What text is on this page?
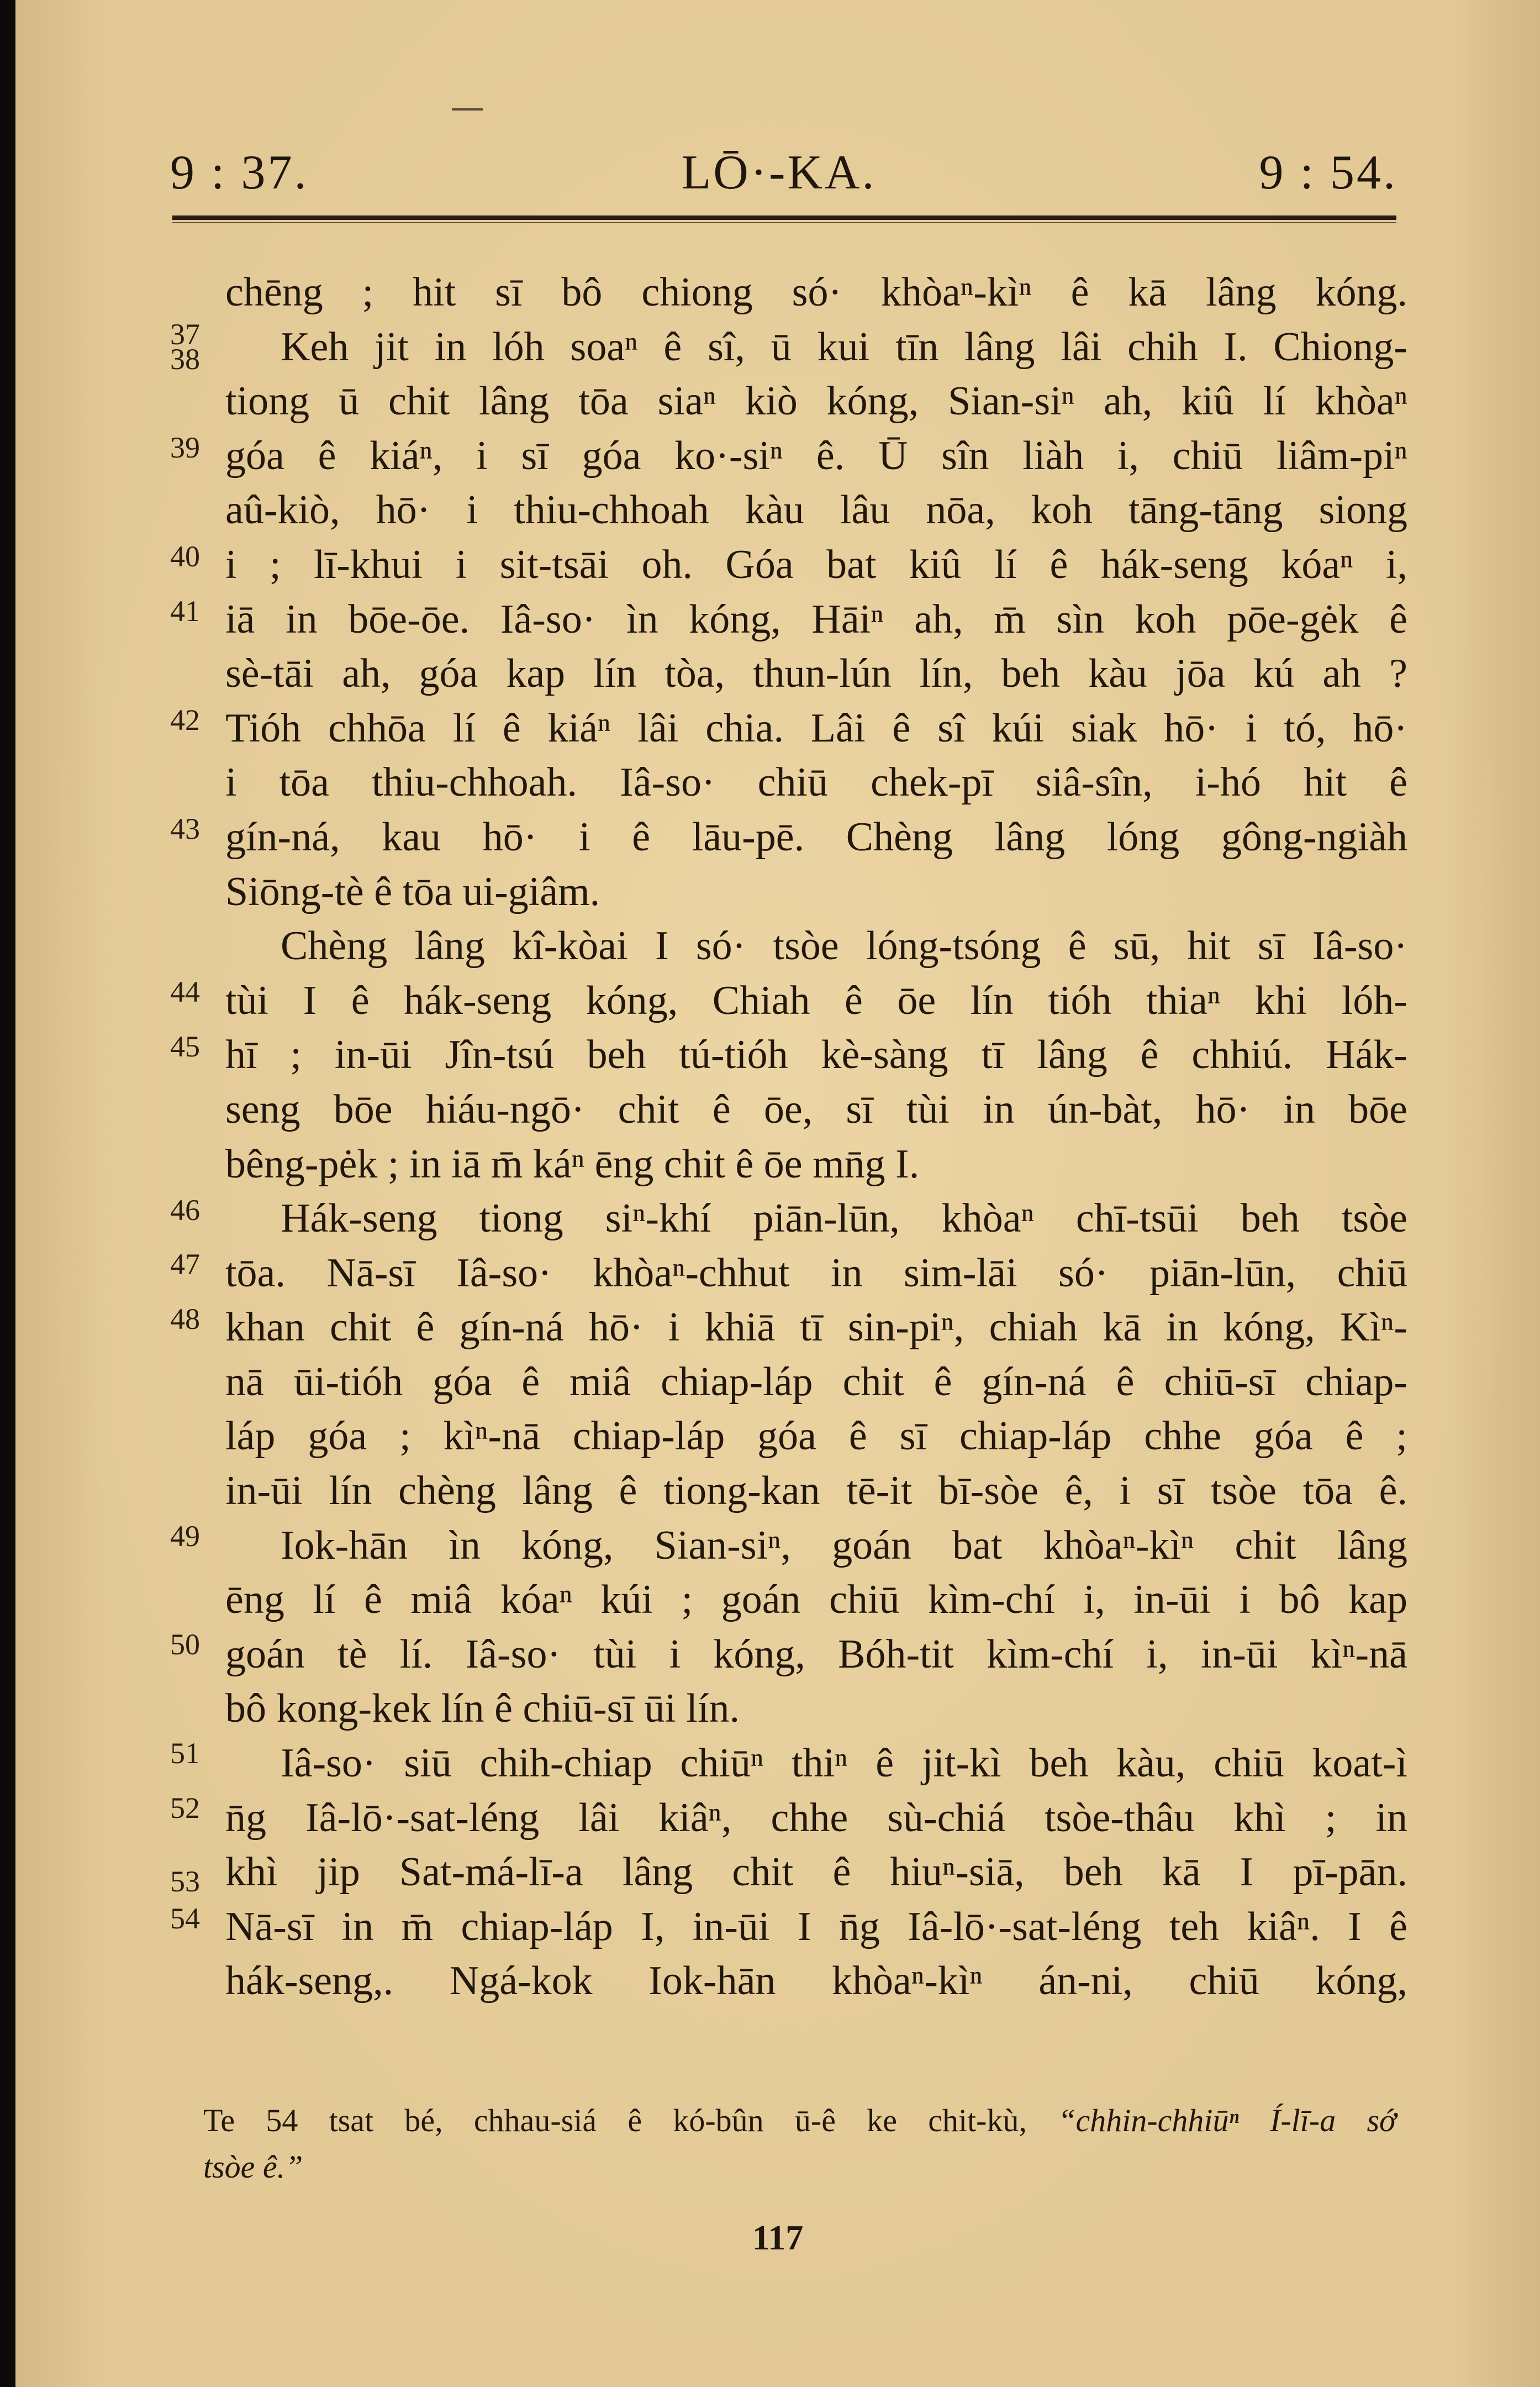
9 : 37.	LŌ·-KA.	9 : 54.
37
38
39
40
41
42
43
44
45
46
47
48
49
50
51
52
53
54
chēng ; hit sī bô chiong só· khòaⁿ-kìⁿ ê kā lâng kóng.
Keh jit in lóh soaⁿ ê sî, ū kui tīn lâng lâi chih I. Chiong-
tiong ū chit lâng tōa siaⁿ kiò kóng, Sian-siⁿ ah, kiû lí khòaⁿ
góa ê kiáⁿ, i sī góa ko·-siⁿ ê. Ū sîn liàh i, chiū liâm-piⁿ
aû-kiò, hō· i thiu-chhoah kàu lâu nōa, koh tāng-tāng siong
i ; lī-khui i sit-tsāi oh. Góa bat kiû lí ê hák-seng kóaⁿ i,
iā in bōe-ōe. Iâ-so· ìn kóng, Hāiⁿ ah, m̄ sìn koh pōe-gėk ê
sè-tāi ah, góa kap lín tòa, thun-lún lín, beh kàu jōa kú ah ?
Tióh chhōa lí ê kiáⁿ lâi chia. Lâi ê sî kúi siak hō· i tó, hō·
i tōa thiu-chhoah. Iâ-so· chiū chek-pī siâ-sîn, i-hó hit ê
gín-ná, kau hō· i ê lāu-pē. Chèng lâng lóng gông-ngiàh
Siōng-tè ê tōa ui-giâm.
Chèng lâng kî-kòai I só· tsòe lóng-tsóng ê sū, hit sī Iâ-so·
tùi I ê hák-seng kóng, Chiah ê ōe lín tióh thiaⁿ khi lóh-
hī ; in-ūi Jîn-tsú beh tú-tióh kè-sàng tī lâng ê chhiú. Hák-
seng bōe hiáu-ngō· chit ê ōe, sī tùi in ún-bàt, hō· in bōe
bêng-pėk ; in iā m̄ káⁿ ēng chit ê ōe mn̄g I.
Hák-seng tiong siⁿ-khí piān-lūn, khòaⁿ chī-tsūi beh tsòe
tōa. Nā-sī Iâ-so· khòaⁿ-chhut in sim-lāi só· piān-lūn, chiū
khan chit ê gín-ná hō· i khiā tī sin-piⁿ, chiah kā in kóng, Kìⁿ-
nā ūi-tióh góa ê miâ chiap-láp chit ê gín-ná ê chiū-sī chiap-
láp góa ; kìⁿ-nā chiap-láp góa ê sī chiap-láp chhe góa ê ;
in-ūi lín chèng lâng ê tiong-kan tē-it bī-sòe ê, i sī tsòe tōa ê.
Iok-hān ìn kóng, Sian-siⁿ, goán bat khòaⁿ-kìⁿ chit lâng
ēng lí ê miâ kóaⁿ kúi ; goán chiū kìm-chí i, in-ūi i bô kap
goán tè lí. Iâ-so· tùi i kóng, Bóh-tit kìm-chí i, in-ūi kìⁿ-nā
bô kong-kek lín ê chiū-sī ūi lín.
Iâ-so· siū chih-chiap chiūⁿ thiⁿ ê jit-kì beh kàu, chiū koat-ì
n̄g Iâ-lō·-sat-léng lâi kiâⁿ, chhe sù-chiá tsòe-thâu khì ; in
khì jip Sat-má-lī-a lâng chit ê hiuⁿ-siā, beh kā I pī-pān.
Nā-sī in m̄ chiap-láp I, in-ūi I n̄g Iâ-lō·-sat-léng teh kiâⁿ. I ê
hák-seng,. Ngá-kok Iok-hān khòaⁿ-kìⁿ án-ni, chiū kóng,
Te 54 tsat bé, chhau-siá ê kó-bûn ū-ê ke chit-kù, “chhin-chhiūⁿ Í-lī-a sớ
tsòe ê.”
117
